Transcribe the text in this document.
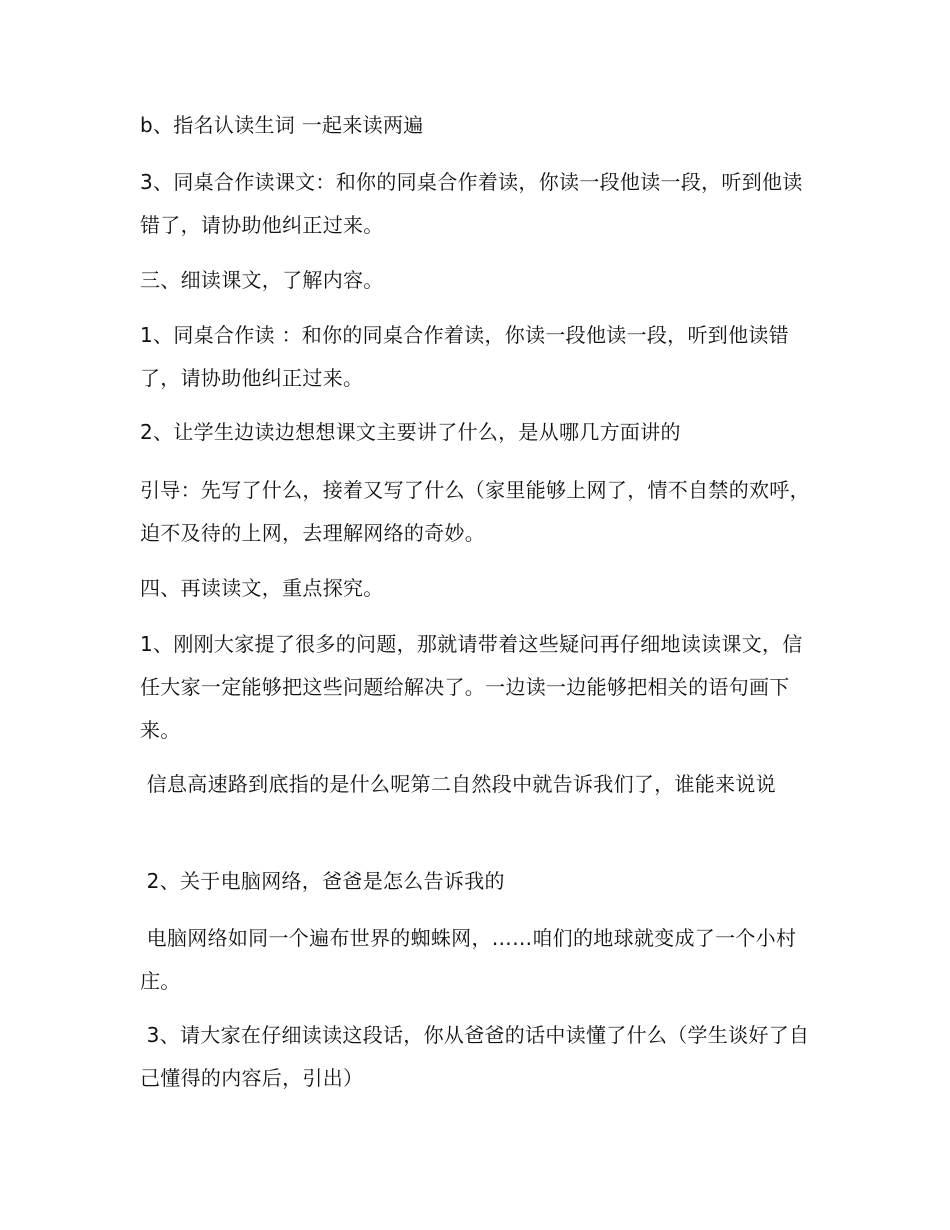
b、指名认读生词 一起来读两遍

3、同桌合作读课文：和你的同桌合作着读，你读一段他读一段，听到他读错了，请协助他纠正过来。

三、细读课文，了解内容。

1、同桌合作读 ：和你的同桌合作着读，你读一段他读一段，听到他读错了，请协助他纠正过来。

2、让学生边读边想想课文主要讲了什么，是从哪几方面讲的

引导：先写了什么，接着又写了什么（家里能够上网了，情不自禁的欢呼，迫不及待的上网，去理解网络的奇妙。

四、再读读文，重点探究。

1、刚刚大家提了很多的问题，那就请带着这些疑问再仔细地读读课文，信任大家一定能够把这些问题给解决了。一边读一边能够把相关的语句画下来。

信息高速路到底指的是什么呢第二自然段中就告诉我们了，谁能来说说

2、关于电脑网络，爸爸是怎么告诉我的

电脑网络如同一个遍布世界的蜘蛛网，……咱们的地球就变成了一个小村庄。

3、请大家在仔细读读这段话，你从爸爸的话中读懂了什么（学生谈好了自己懂得的内容后，引出）
